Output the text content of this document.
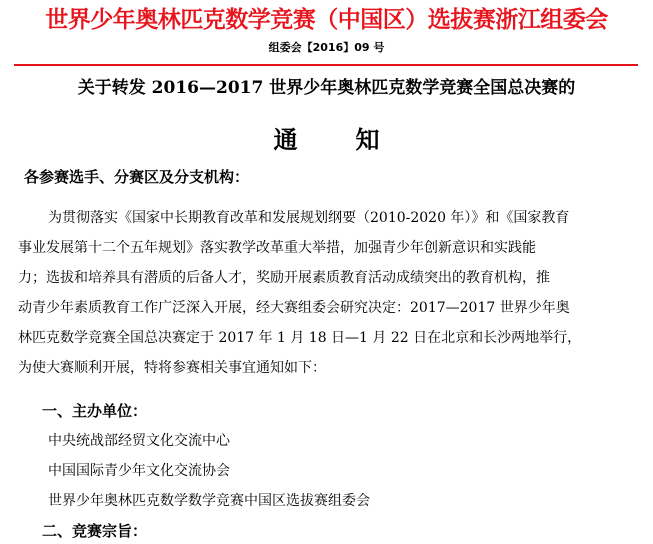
世界少年奥林匹克数学竞赛（中国区）选拔赛浙江组委会
组委会【2016】09 号
关于转发 2016—2017 世界少年奥林匹克数学竞赛全国总决赛的
通 知
各参赛选手、分赛区及分支机构：
为贯彻落实《国家中长期教育改革和发展规划纲要（2010-2020 年）》和《国家教育
事业发展第十二个五年规划》落实教学改革重大举措，加强青少年创新意识和实践能
力；选拔和培养具有潜质的后备人才，奖励开展素质教育活动成绩突出的教育机构，推
动青少年素质教育工作广泛深入开展，经大赛组委会研究决定：2017—2017 世界少年奥
林匹克数学竞赛全国总决赛定于 2017 年 1 月 18 日—1 月 22 日在北京和长沙两地举行，
为使大赛顺利开展，特将参赛相关事宜通知如下：
一、主办单位：
中央统战部经贸文化交流中心
中国国际青少年文化交流协会
世界少年奥林匹克数学数学竞赛中国区选拔赛组委会
二、竞赛宗旨：
